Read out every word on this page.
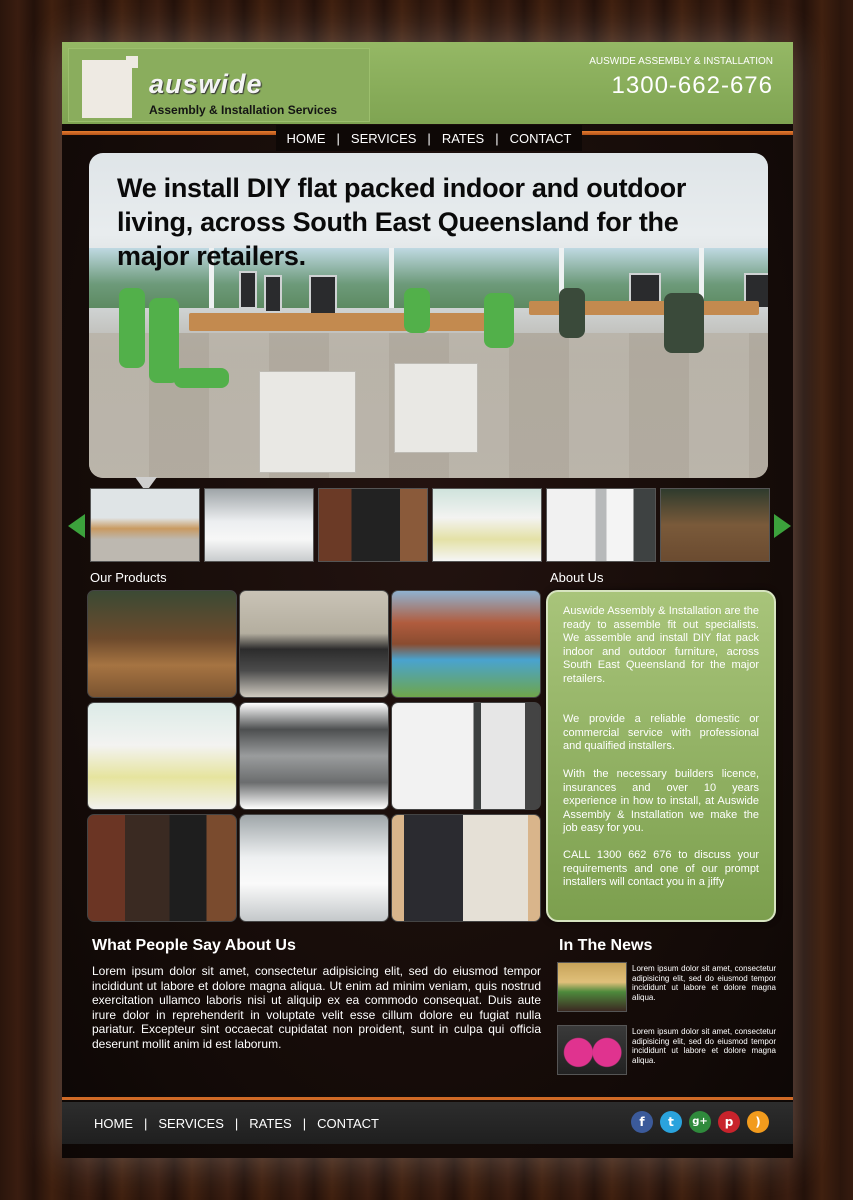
auswide
Assembly & Installation Services
AUSWIDE ASSEMBLY & INSTALLATION
1300-662-676
HOME | SERVICES | RATES | CONTACT
We install DIY flat packed indoor and outdoor living, across South East Queensland for the major retailers.
Our Products	About Us
Auswide Assembly & Installation are the ready to assemble fit out specialists. We assemble and install DIY flat pack indoor and outdoor furniture, across South East Queensland for the major retailers.
We provide a reliable domestic or commercial service with professional and qualified installers.
With the necessary builders licence, insurances and over 10 years experience in how to install, at Auswide Assembly & Installation we make the job easy for you.
CALL 1300 662 676 to discuss your requirements and one of our prompt installers will contact you in a jiffy
What People Say About Us
Lorem ipsum dolor sit amet, consectetur adipisicing elit, sed do eiusmod tempor incididunt ut labore et dolore magna aliqua. Ut enim ad minim veniam, quis nostrud exercitation ullamco laboris nisi ut aliquip ex ea commodo consequat. Duis aute irure dolor in reprehenderit in voluptate velit esse cillum dolore eu fugiat nulla pariatur. Excepteur sint occaecat cupidatat non proident, sunt in culpa qui officia deserunt mollit anim id est laborum.
In The News
Lorem ipsum dolor sit amet, consectetur adipisicing elit, sed do eiusmod tempor incididunt ut labore et dolore magna aliqua.
Lorem ipsum dolor sit amet, consectetur adipisicing elit, sed do eiusmod tempor incididunt ut labore et dolore magna aliqua.
HOME | SERVICES | RATES | CONTACT	f	t	g+	p	)
